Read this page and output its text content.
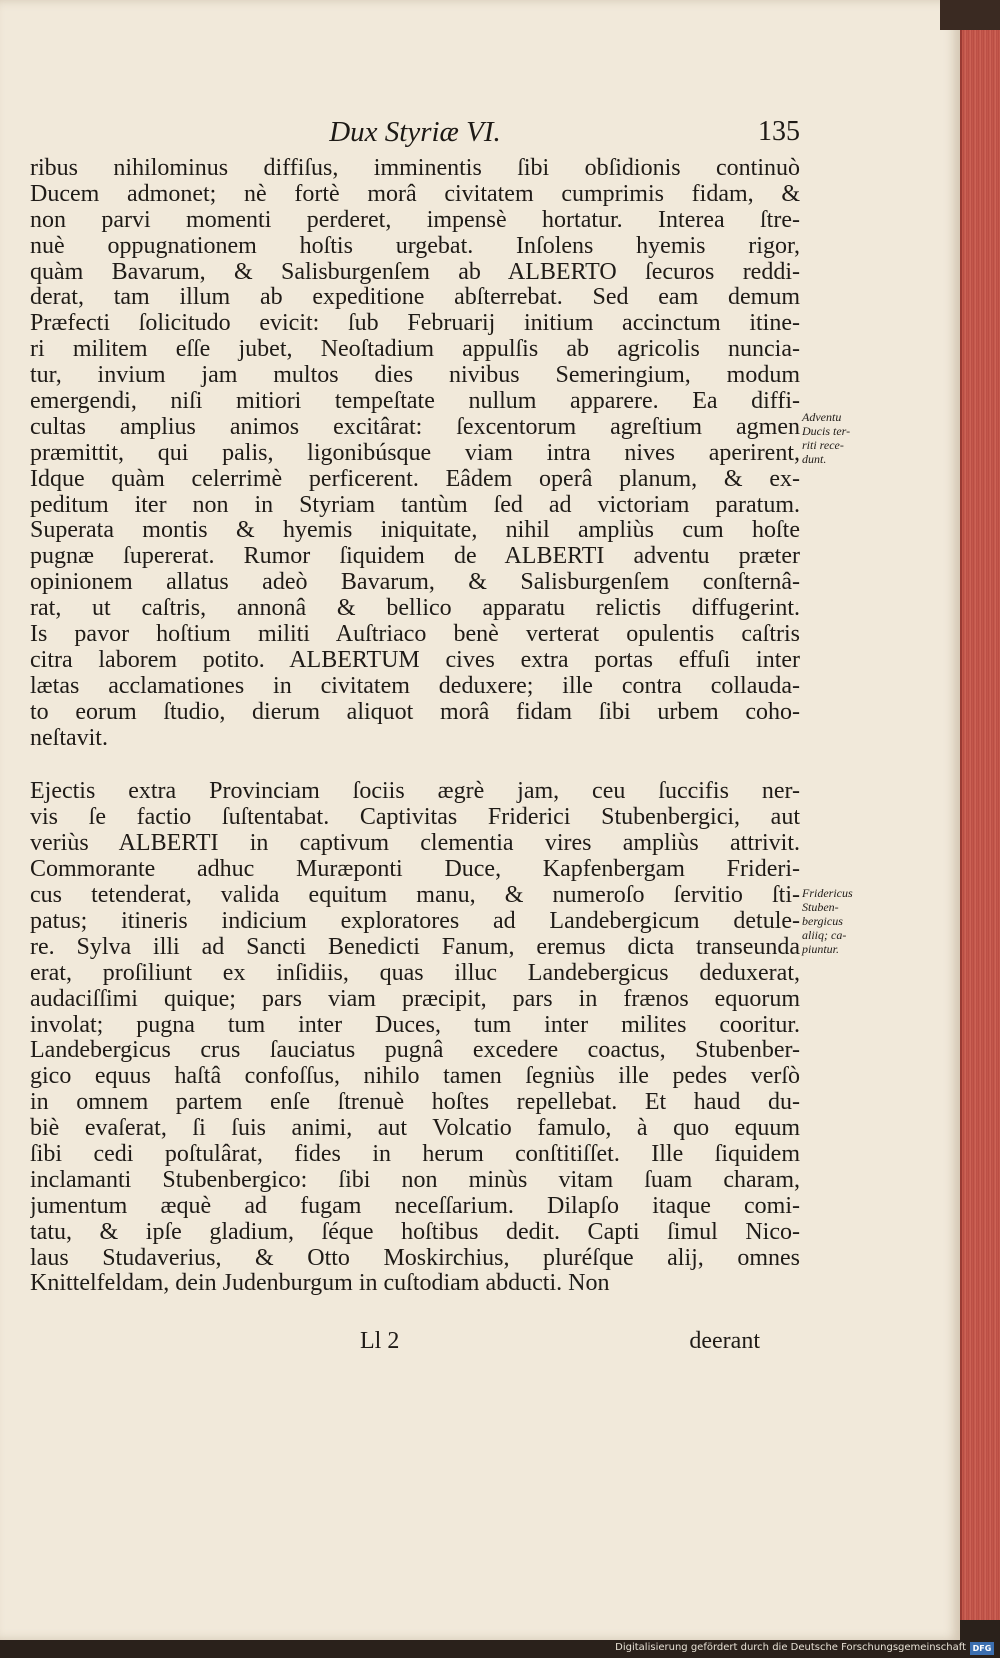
Dux Styriæ VI.	135
ribus nihilominus diffiſus, imminentis ſibi obſidionis continuò
Ducem admonet; nè fortè morâ civitatem cumprimis fidam, &
non parvi momenti perderet, impensè hortatur. Interea ſtre-
nuè oppugnationem hoſtis urgebat. Inſolens hyemis rigor,
quàm Bavarum, & Salisburgenſem ab ALBERTO ſecuros reddi-
derat, tam illum ab expeditione abſterrebat. Sed eam demum
Præfecti ſolicitudo evicit: ſub Februarij initium accinctum itine-
ri militem eſſe jubet, Neoſtadium appulſis ab agricolis nuncia-
tur, invium jam multos dies nivibus Semeringium, modum
emergendi, niſi mitiori tempeſtate nullum apparere. Ea diffi-
cultas amplius animos excitârat: ſexcentorum agreſtium agmen
præmittit, qui palis, ligonibúsque viam intra nives aperirent,
Idque quàm celerrimè perficerent. Eâdem operâ planum, & ex-
peditum iter non in Styriam tantùm ſed ad victoriam paratum.
Superata montis & hyemis iniquitate, nihil ampliùs cum hoſte
pugnæ ſupererat. Rumor ſiquidem de ALBERTI adventu præter
opinionem allatus adeò Bavarum, & Salisburgenſem conſternâ-
rat, ut caſtris, annonâ & bellico apparatu relictis diffugerint.
Is pavor hoſtium militi Auſtriaco benè verterat opulentis caſtris
citra laborem potito. ALBERTUM cives extra portas effuſi inter
lætas acclamationes in civitatem deduxere; ille contra collauda-
to eorum ſtudio, dierum aliquot morâ fidam ſibi urbem coho-
neſtavit.
Ejectis extra Provinciam ſociis ægrè jam, ceu ſuccifis ner-
vis ſe factio ſuſtentabat. Captivitas Friderici Stubenbergici, aut
veriùs ALBERTI in captivum clementia vires ampliùs attrivit.
Commorante adhuc Muræponti Duce, Kapfenbergam Frideri-
cus tetenderat, valida equitum manu, & numeroſo ſervitio ſti-
patus; itineris indicium exploratores ad Landebergicum detule-
re. Sylva illi ad Sancti Benedicti Fanum, eremus dicta transeunda
erat, proſiliunt ex inſidiis, quas illuc Landebergicus deduxerat,
audaciſſimi quique; pars viam præcipit, pars in frænos equorum
involat; pugna tum inter Duces, tum inter milites cooritur.
Landebergicus crus ſauciatus pugnâ excedere coactus, Stubenber-
gico equus haſtâ confoſſus, nihilo tamen ſegniùs ille pedes verſò
in omnem partem enſe ſtrenuè hoſtes repellebat. Et haud du-
biè evaſerat, ſi ſuis animi, aut Volcatio famulo, à quo equum
ſibi cedi poſtulârat, fides in herum conſtitiſſet. Ille ſiquidem
inclamanti Stubenbergico: ſibi non minùs vitam ſuam charam,
jumentum æquè ad fugam neceſſarium. Dilapſo itaque comi-
tatu, & ipſe gladium, ſéque hoſtibus dedit. Capti ſimul Nico-
laus Studaverius, & Otto Moskirchius, pluréſque alij, omnes
Knittelfeldam, dein Judenburgum in cuſtodiam abducti. Non
Adventu
Ducis ter-
riti rece-
dunt.
Fridericus
Stuben-
bergicus
aliiq; ca-
piuntur.
Ll 2	deerant
Digitalisierung gefördert durch die Deutsche Forschungsgemeinschaft DFG
